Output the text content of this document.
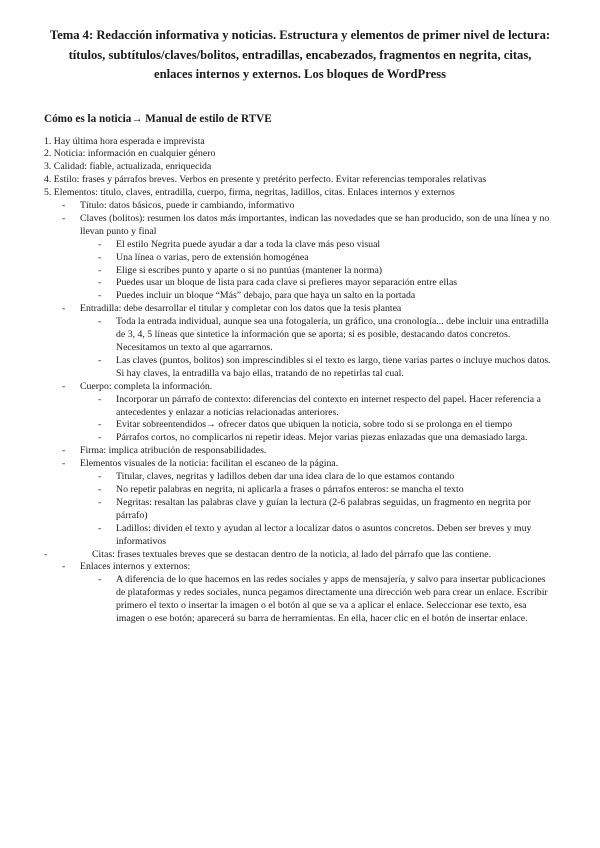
Tema 4: Redacción informativa y noticias. Estructura y elementos de primer nivel de lectura: títulos, subtítulos/claves/bolitos, entradillas, encabezados, fragmentos en negrita, citas, enlaces internos y externos. Los bloques de WordPress
Cómo es la noticia→ Manual de estilo de RTVE
1. Hay última hora esperada e imprevista
2. Noticia: información en cualquier género
3. Calidad: fiable, actualizada, enriquecida
4. Estilo: frases y párrafos breves. Verbos en presente y pretérito perfecto. Evitar referencias temporales relativas
5. Elementos: título, claves, entradilla, cuerpo, firma, negritas, ladillos, citas. Enlaces internos y externos
- Título: datos básicos, puede ir cambiando, informativo
- Claves (bolitos): resumen los datos más importantes, indican las novedades que se han producido, son de una línea y no llevan punto y final
- El estilo Negrita puede ayudar a dar a toda la clave más peso visual
- Una línea o varias, pero de extensión homogénea
- Elige si escribes punto y aparte o si no puntúas (mantener la norma)
- Puedes usar un bloque de lista para cada clave si prefieres mayor separación entre ellas
- Puedes incluir un bloque “Más” debajo, para que haya un salto en la portada
- Entradilla: debe desarrollar el titular y completar con los datos que la tesis plantea
- Toda la entrada individual, aunque sea una fotogalería, un gráfico, una cronología... debe incluir una entradilla de 3, 4, 5 líneas que sintetice la información que se aporta; si es posible, destacando datos concretos. Necesitamos un texto al que agarrarnos.
- Las claves (puntos, bolitos) son imprescindibles si el texto es largo, tiene varias partes o incluye muchos datos. Si hay claves, la entradilla va bajo ellas, tratando de no repetirlas tal cual.
- Cuerpo: completa la información.
- Incorporar un párrafo de contexto: diferencias del contexto en internet respecto del papel. Hacer referencia a antecedentes y enlazar a noticias relacionadas anteriores.
- Evitar sobreentendidos→ ofrecer datos que ubiquen la noticia, sobre todo si se prolonga en el tiempo
- Párrafos cortos, no complicarlos ni repetir ideas. Mejor varias piezas enlazadas que una demasiado larga.
- Firma: implica atribución de responsabilidades.
- Elementos visuales de la noticia: facilitan el escaneo de la página.
- Titular, claves, negritas y ladillos deben dar una idea clara de lo que estamos contando
- No repetir palabras en negrita, ni aplicarla a frases o párrafos enteros: se mancha el texto
- Negritas: resaltan las palabras clave y guían la lectura (2-6 palabras seguidas, un fragmento en negrita por párrafo)
- Ladillos: dividen el texto y ayudan al lector a localizar datos o asuntos concretos. Deben ser breves y muy informativos
-	Citas: frases textuales breves que se destacan dentro de la noticia, al lado del párrafo que las contiene.
- Enlaces internos y externos:
- A diferencia de lo que hacemos en las redes sociales y apps de mensajería, y salvo para insertar publicaciones de plataformas y redes sociales, nunca pegamos directamente una dirección web para crear un enlace. Escribir primero el texto o insertar la imagen o el botón al que se va a aplicar el enlace. Seleccionar ese texto, esa imagen o ese botón; aparecerá su barra de herramientas. En ella, hacer clic en el botón de insertar enlace.
